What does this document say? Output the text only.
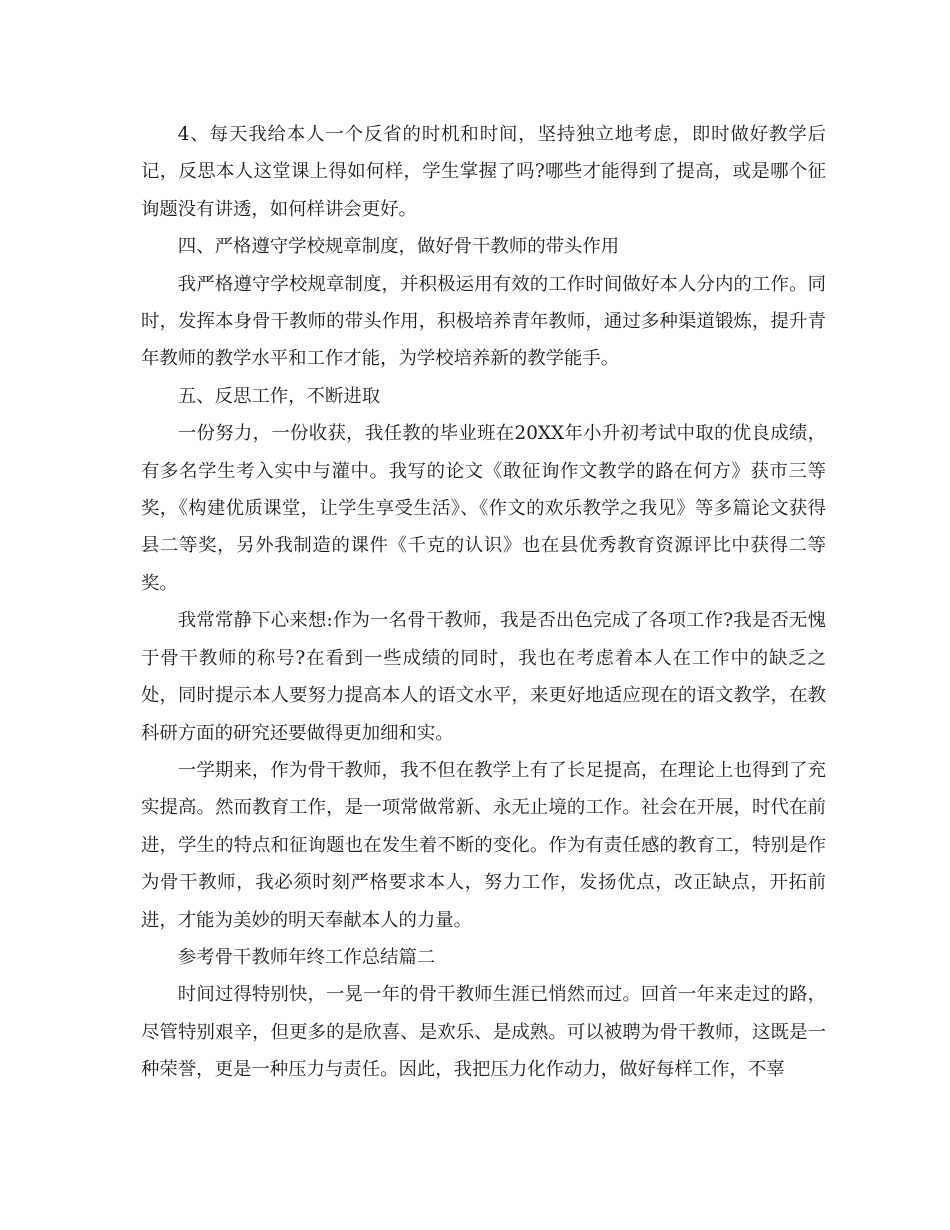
4、每天我给本人一个反省的时机和时间，坚持独立地考虑，即时做好教学后记，反思本人这堂课上得如何样，学生掌握了吗?哪些才能得到了提高，或是哪个征询题没有讲透，如何样讲会更好。

四、严格遵守学校规章制度，做好骨干教师的带头作用

我严格遵守学校规章制度，并积极运用有效的工作时间做好本人分内的工作。同时，发挥本身骨干教师的带头作用，积极培养青年教师，通过多种渠道锻炼，提升青年教师的教学水平和工作才能，为学校培养新的教学能手。

五、反思工作，不断进取

一份努力，一份收获，我任教的毕业班在20XX年小升初考试中取的优良成绩，有多名学生考入实中与灌中。我写的论文《敢征询作文教学的路在何方》获市三等奖，《构建优质课堂，让学生享受生活》、《作文的欢乐教学之我见》等多篇论文获得县二等奖，另外我制造的课件《千克的认识》也在县优秀教育资源评比中获得二等奖。

我常常静下心来想:作为一名骨干教师，我是否出色完成了各项工作?我是否无愧于骨干教师的称号?在看到一些成绩的同时，我也在考虑着本人在工作中的缺乏之处，同时提示本人要努力提高本人的语文水平，来更好地适应现在的语文教学，在教科研方面的研究还要做得更加细和实。

一学期来，作为骨干教师，我不但在教学上有了长足提高，在理论上也得到了充实提高。然而教育工作，是一项常做常新、永无止境的工作。社会在开展，时代在前进，学生的特点和征询题也在发生着不断的变化。作为有责任感的教育工，特别是作为骨干教师，我必须时刻严格要求本人，努力工作，发扬优点，改正缺点，开拓前进，才能为美妙的明天奉献本人的力量。

参考骨干教师年终工作总结篇二

时间过得特别快，一晃一年的骨干教师生涯已悄然而过。回首一年来走过的路，尽管特别艰辛，但更多的是欣喜、是欢乐、是成熟。可以被聘为骨干教师，这既是一种荣誉，更是一种压力与责任。因此，我把压力化作动力，做好每样工作，不辜
